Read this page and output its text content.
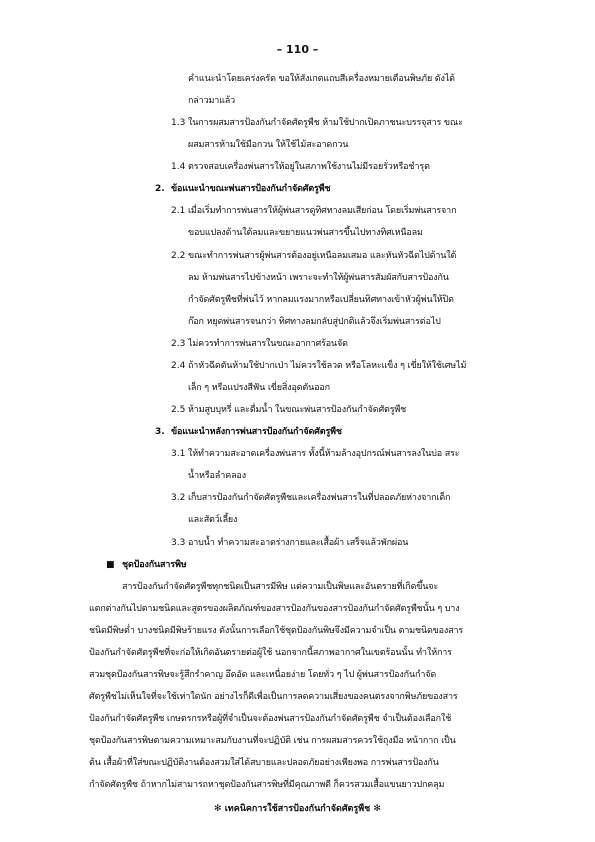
– 110 –
คำแนะนำโดยเคร่งครัด ขอให้สังเกตแถบสีเครื่องหมายเตือนพิษภัย ดังได้
กล่าวมาแล้ว
1.3 ในการผสมสารป้องกันกำจัดศัตรูพืช ห้ามใช้ปากเปิดภาชนะบรรจุสาร ขณะ
ผสมสารห้ามใช้มือกวน ให้ใช้ไม้สะอาดกวน
1.4 ตรวจสอบเครื่องพ่นสารให้อยู่ในสภาพใช้งานไม่มีรอยรั่วหรือชำรุด
2. ข้อแนะนำขณะพ่นสารป้องกันกำจัดศัตรูพืช
2.1 เมื่อเริ่มทำการพ่นสารให้ผู้พ่นสารดูทิศทางลมเสียก่อน โดยเริ่มพ่นสารจาก
ขอบแปลงด้านใต้ลมและขยายแนวพ่นสารขึ้นไปทางทิศเหนือลม
2.2 ขณะทำการพ่นสารผู้พ่นสารต้องอยู่เหนือลมเสมอ และหันหัวฉีดไปด้านใต้
ลม ห้ามพ่นสารไปข้างหน้า เพราะจะทำให้ผู้พ่นสารสัมผัสกับสารป้องกัน
กำจัดศัตรูพืชที่พ่นไว้ หากลมแรงมากหรือเปลี่ยนทิศทางเข้าหัวผู้พ่นให้ปิด
ก๊อก หยุดพ่นสารจนกว่า ทิศทางลมกลับสู่ปกติแล้วจึงเริ่มพ่นสารต่อไป
2.3 ไม่ควรทำการพ่นสารในขณะอากาศร้อนจัด
2.4 ถ้าหัวฉีดตันห้ามใช้ปากเป่า ไม่ควรใช้ลวด หรือโลหะแข็ง ๆ เขี่ยให้ใช้เศษไม้
เล็ก ๆ หรือแปรงสีฟัน เขี่ยสิ่งอุดตันออก
2.5 ห้ามสูบบุหรี่ และดื่มน้ำ ในขณะพ่นสารป้องกันกำจัดศัตรูพืช
3. ข้อแนะนำหลังการพ่นสารป้องกันกำจัดศัตรูพืช
3.1 ให้ทำความสะอาดเครื่องพ่นสาร ทั้งนี้ห้ามล้างอุปกรณ์พ่นสารลงในบ่อ สระ
น้ำหรือลำคลอง
3.2 เก็บสารป้องกันกำจัดศัตรูพืชและเครื่องพ่นสารในที่ปลอดภัยห่างจากเด็ก
และสัตว์เลี้ยง
3.3 อาบน้ำ ทำความสะอาดร่างกายและเสื้อผ้า เสร็จแล้วพักผ่อน
■ ชุดป้องกันสารพิษ
สารป้องกันกำจัดศัตรูพืชทุกชนิดเป็นสารมีพิษ แต่ความเป็นพิษและอันตรายที่เกิดขึ้นจะ
แตกต่างกันไปตามชนิดและสูตรของผลิตภัณฑ์ของสารป้องกันของสารป้องกันกำจัดศัตรูพืชนั้น ๆ บาง
ชนิดมีพิษต่ำ บางชนิดมีพิษร้ายแรง ดังนั้นการเลือกใช้ชุดป้องกันพิษจึงมีความจำเป็น ตามชนิดของสาร
ป้องกันกำจัดศัตรูพืชที่จะก่อให้เกิดอันตรายต่อผู้ใช้ นอกจากนี้สภาพอากาศในเขตร้อนนั้น ทำให้การ
สวมชุดป้องกันสารพิษจะรู้สึกรำคาญ อึดอัด และเหนื่อยง่าย โดยทั่ว ๆ ไป ผู้พ่นสารป้องกันกำจัด
ศัตรูพืชไม่เห็นใจที่จะใช้เท่าใดนัก อย่างไรก็ดีเพื่อเป็นการลดความเสี่ยงของคนตรงจากพิษภัยของสาร
ป้องกันกำจัดศัตรูพืช เกษตรกรหรือผู้ที่จำเป็นจะต้องพ่นสารป้องกันกำจัดศัตรูพืช จำเป็นต้องเลือกใช้
ชุดป้องกันสารพิษตามความเหมาะสมกับงานที่จะปฏิบัติ เช่น การผสมสารควรใช้ถุงมือ หน้ากาก เป็น
ต้น เสื้อผ้าที่ใส่ขณะปฏิบัติงานต้องสวมใส่ได้สบายและปลอดภัยอย่างเพียงพอ การพ่นสารป้องกัน
กำจัดศัตรูพืช ถ้าหากไม่สามารถหาชุดป้องกันสารพิษที่มีคุณภาพดี ก็ควรสวมเสื้อแขนยาวปกคลุม
✻ เทคนิคการใช้สารป้องกันกำจัดศัตรูพืช ✻
